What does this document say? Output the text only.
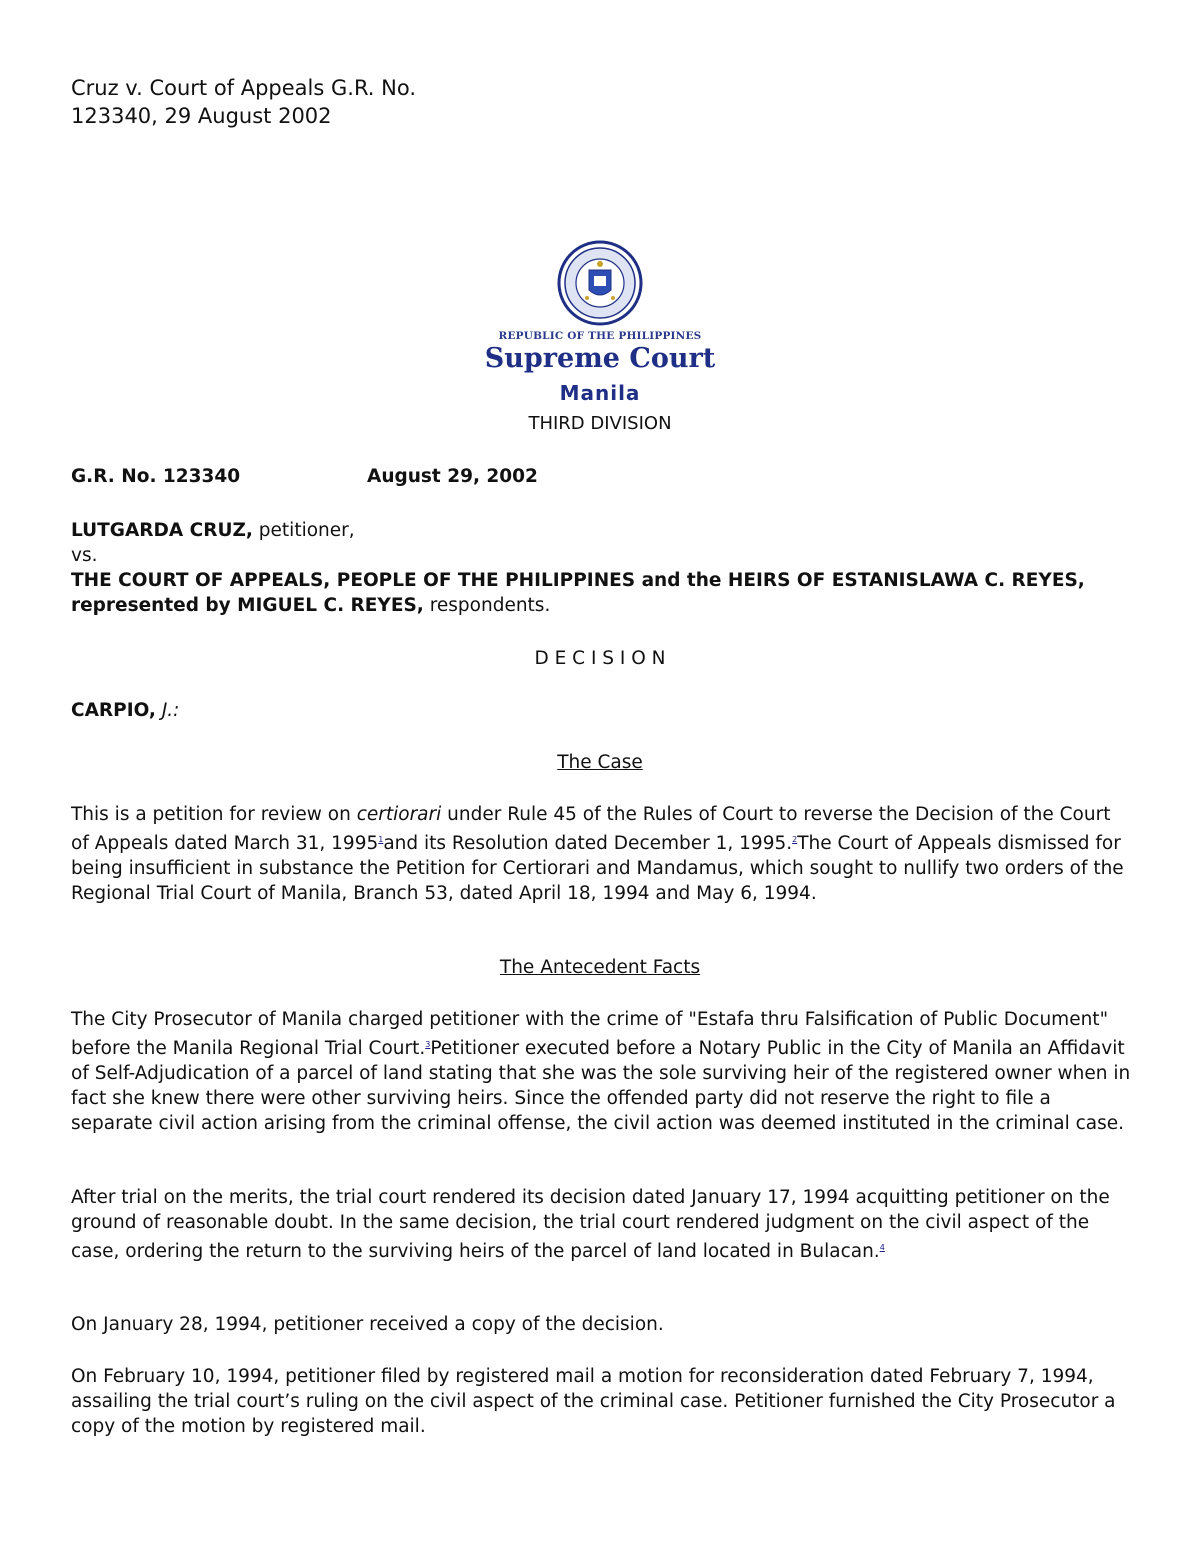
Cruz v. Court of Appeals G.R. No.
123340, 29 August 2002
REPUBLIC OF THE PHILIPPINES
Supreme Court
Manila
THIRD DIVISION
G.R. No. 123340	August 29, 2002
LUTGARDA CRUZ, petitioner,
vs.
THE COURT OF APPEALS, PEOPLE OF THE PHILIPPINES and the HEIRS OF ESTANISLAWA C. REYES, represented by MIGUEL C. REYES, respondents.
D E C I S I O N
CARPIO, J.:
The Case
This is a petition for review on certiorari under Rule 45 of the Rules of Court to reverse the Decision of the Court of Appeals dated March 31, 1995$^1$and its Resolution dated December 1, 1995.$^2$The Court of Appeals dismissed for being insufficient in substance the Petition for Certiorari and Mandamus, which sought to nullify two orders of the Regional Trial Court of Manila, Branch 53, dated April 18, 1994 and May 6, 1994.
The Antecedent Facts
The City Prosecutor of Manila charged petitioner with the crime of "Estafa thru Falsification of Public Document" before the Manila Regional Trial Court.$^3$Petitioner executed before a Notary Public in the City of Manila an Affidavit of Self-Adjudication of a parcel of land stating that she was the sole surviving heir of the registered owner when in fact she knew there were other surviving heirs. Since the offended party did not reserve the right to file a separate civil action arising from the criminal offense, the civil action was deemed instituted in the criminal case.
After trial on the merits, the trial court rendered its decision dated January 17, 1994 acquitting petitioner on the ground of reasonable doubt. In the same decision, the trial court rendered judgment on the civil aspect of the case, ordering the return to the surviving heirs of the parcel of land located in Bulacan.$^4$
On January 28, 1994, petitioner received a copy of the decision.
On February 10, 1994, petitioner filed by registered mail a motion for reconsideration dated February 7, 1994, assailing the trial court’s ruling on the civil aspect of the criminal case. Petitioner furnished the City Prosecutor a copy of the motion by registered mail.
